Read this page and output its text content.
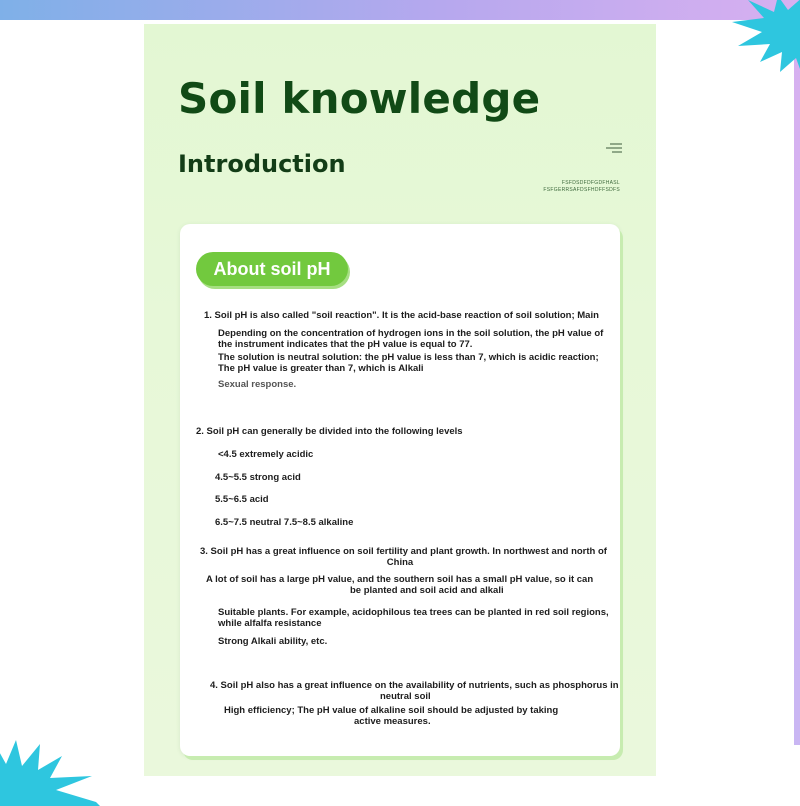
Soil knowledge
Introduction
FSFDSDFDFGDFHASL
FSFGERRSAFDSFHDFFSDFS
About soil pH

1. Soil pH is also called "soil reaction". It is the acid-base reaction of soil solution; Main

Depending on the concentration of hydrogen ions in the soil solution, the pH value of

the instrument indicates that the pH value is equal to 77.

The solution is neutral solution: the pH value is less than 7, which is acidic reaction;

The pH value is greater than 7, which is Alkali

Sexual response.

2. Soil pH can generally be divided into the following levels

<4.5 extremely acidic

4.5~5.5 strong acid

5.5~6.5 acid

6.5~7.5 neutral 7.5~8.5 alkaline

3. Soil pH has a great influence on soil fertility and plant growth. In northwest and north of

China

A lot of soil has a large pH value, and the southern soil has a small pH value, so it can

be planted and soil acid and alkali

Suitable plants. For example, acidophilous tea trees can be planted in red soil regions,

while alfalfa resistance

Strong Alkali ability, etc.

4. Soil pH also has a great influence on the availability of nutrients, such as phosphorus in

neutral soil

High efficiency; The pH value of alkaline soil should be adjusted by taking

active measures.
